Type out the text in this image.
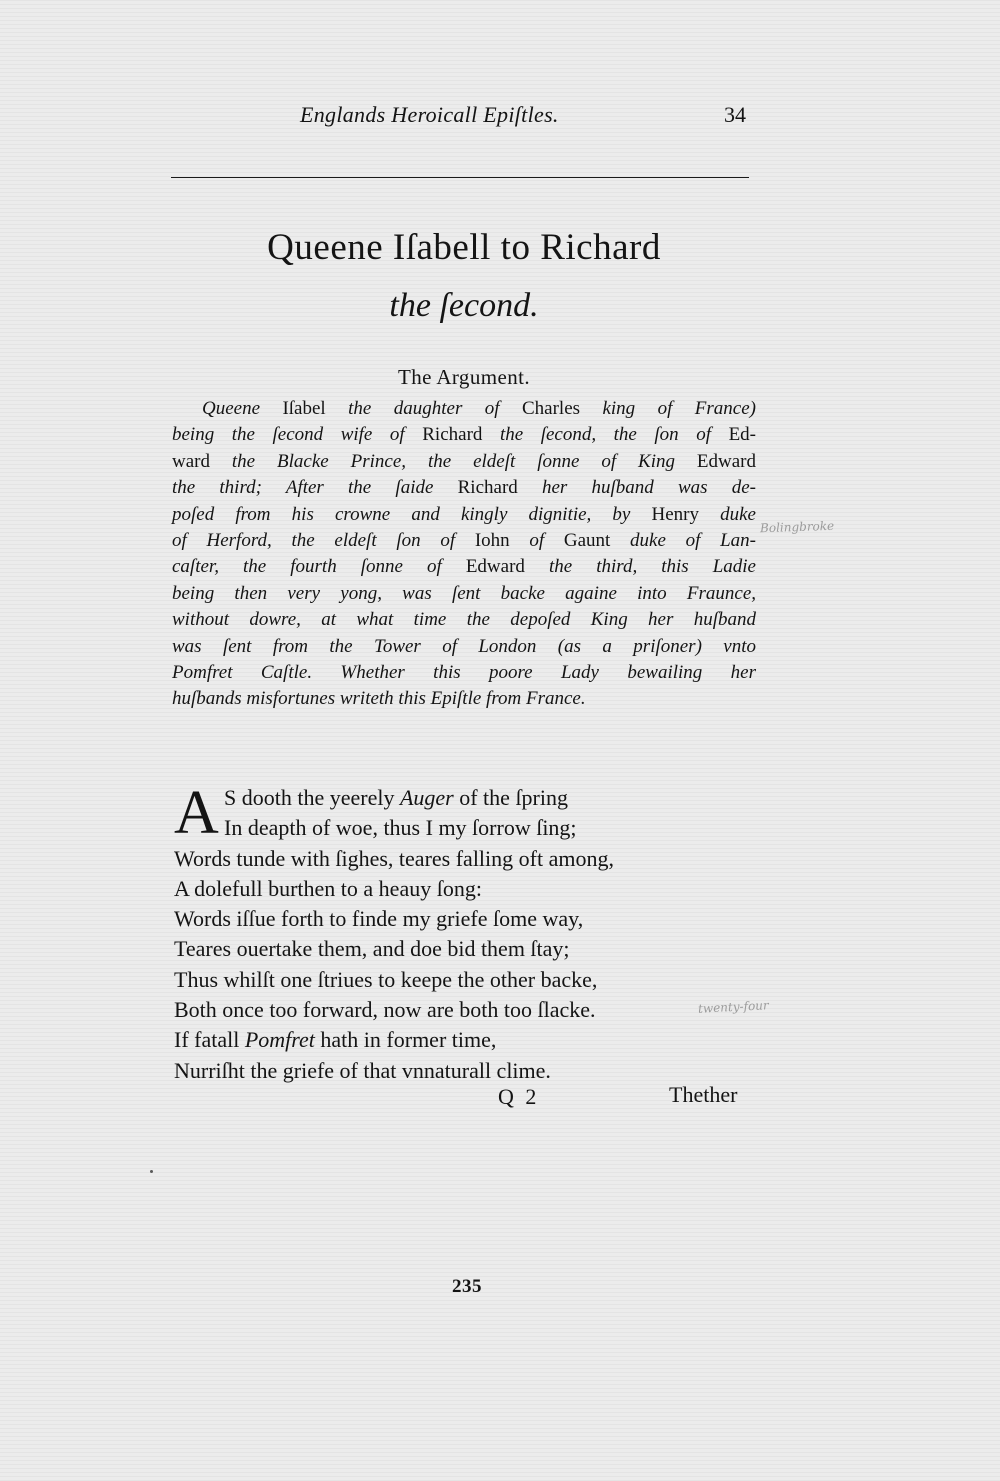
Englands Heroicall Epiſtles.	34
Queene Iſabell to Richard
the ſecond.
The Argument.
Queene Iſabel the daughter of Charles king of France)
being the ſecond wife of Richard the ſecond, the ſon of Ed-
ward the Blacke Prince, the eldeſt ſonne of King Edward
the third; After the ſaide Richard her huſband was de-
poſed from his crowne and kingly dignitie, by Henry duke
of Herford, the eldeſt ſon of Iohn of Gaunt duke of Lan-
caſter, the fourth ſonne of Edward the third, this Ladie
being then very yong, was ſent backe againe into Fraunce,
without dowre, at what time the depoſed King her huſband
was ſent from the Tower of London (as a priſoner) vnto
Pomfret Caſtle. Whether this poore Lady bewailing her
huſbands misfortunes writeth this Epiſtle from France.
A S dooth the yeerely Auger of the ſpring
In deapth of woe, thus I my ſorrow ſing;
Words tunde with ſighes, teares falling oft among,
A dolefull burthen to a heauy ſong:
Words iſſue forth to finde my griefe ſome way,
Teares ouertake them, and doe bid them ſtay;
Thus whilſt one ſtriues to keepe the other backe,
Both once too forward, now are both too ſlacke.
If fatall Pomfret hath in former time,
Nurriſht the griefe of that vnnaturall clime.
Q 2	Thether
235
Bolingbroke
twenty-four
